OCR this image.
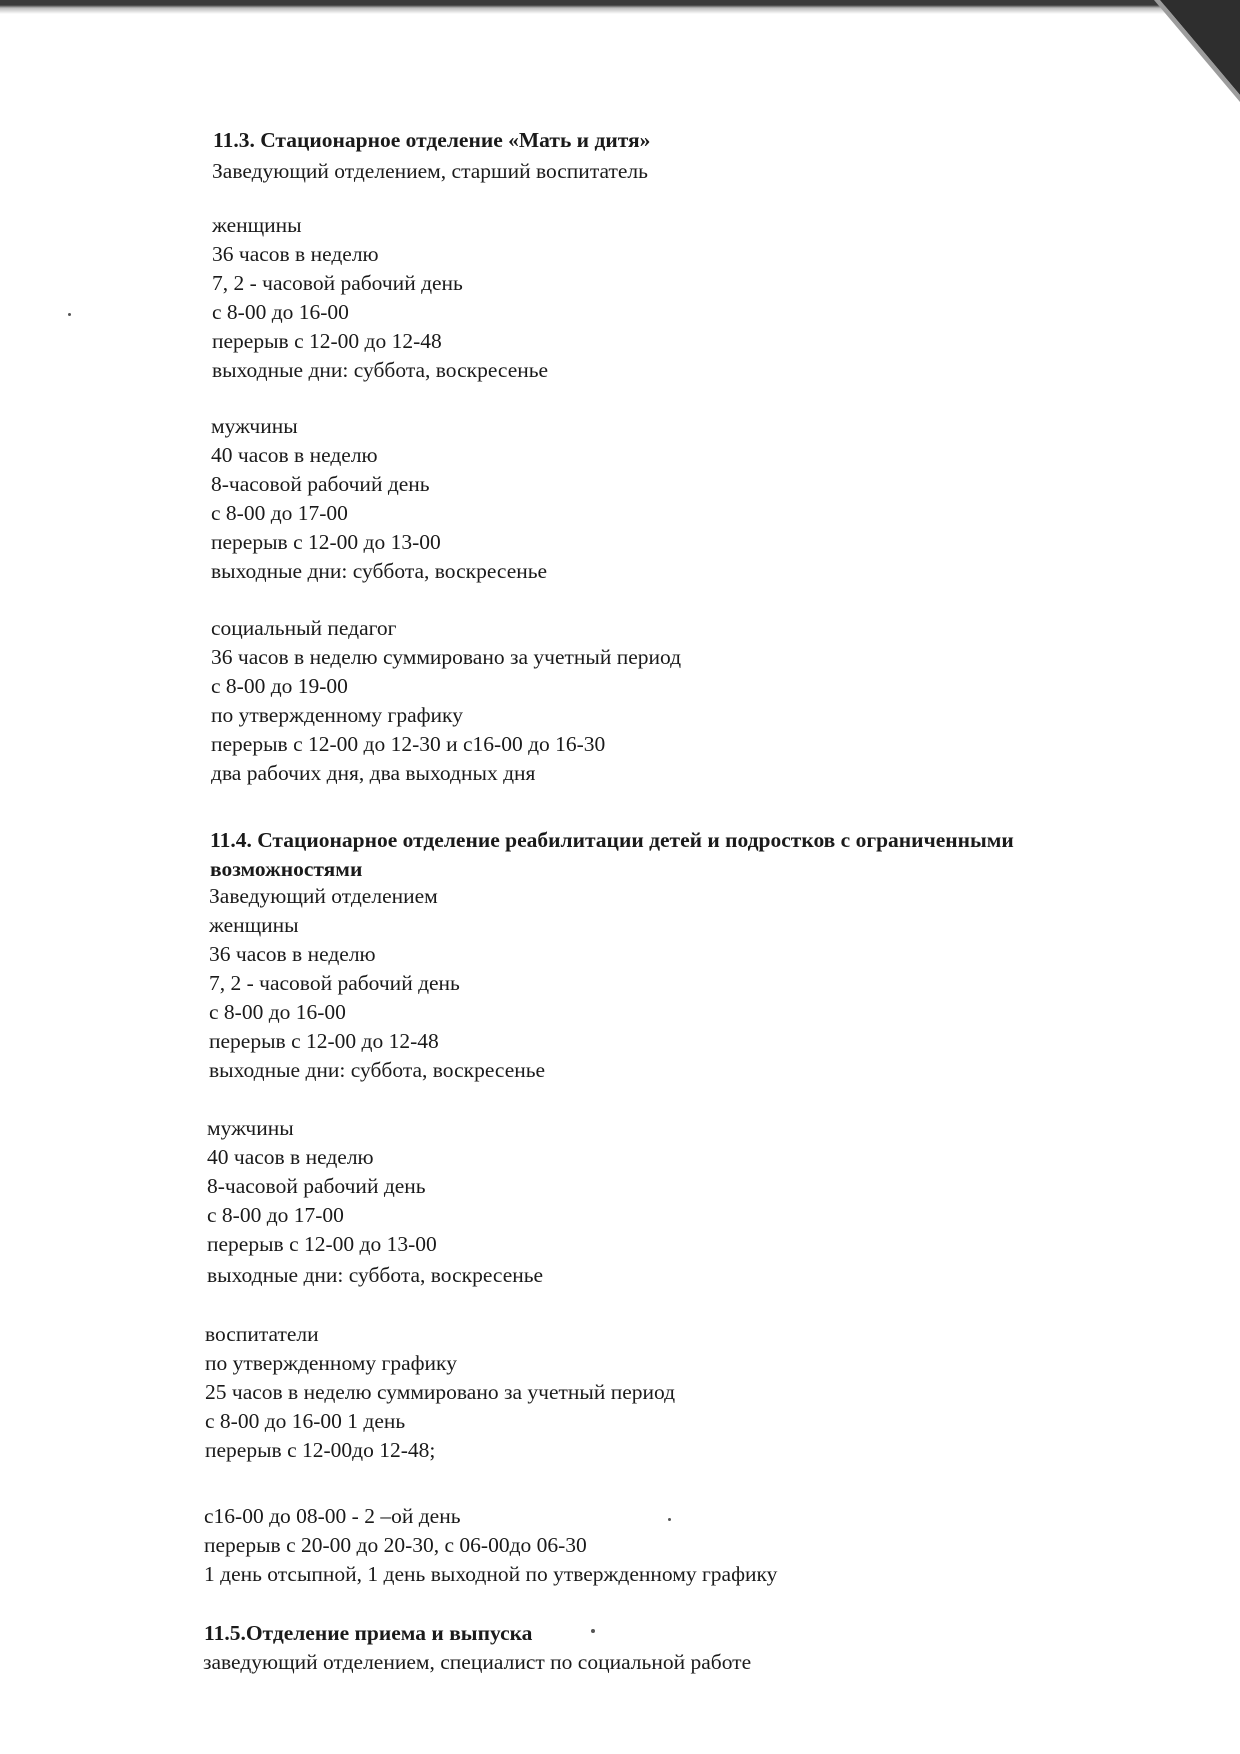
11.3. Стационарное отделение «Мать и дитя»

Заведующий отделением, старший воспитатель

женщины

36 часов в неделю

7, 2 - часовой рабочий день

с 8-00 до 16-00

перерыв с 12-00 до 12-48

выходные дни: суббота, воскресенье

мужчины

40 часов в неделю

8-часовой рабочий день

с 8-00 до 17-00

перерыв с 12-00 до 13-00

выходные дни: суббота, воскресенье

социальный педагог

36 часов в неделю суммировано за учетный период

с 8-00 до 19-00

по утвержденному графику

перерыв с 12-00 до 12-30 и с16-00 до 16-30

два рабочих дня, два выходных дня

11.4. Стационарное отделение реабилитации детей и подростков с ограниченными

возможностями

Заведующий отделением

женщины

36 часов в неделю

7, 2 - часовой рабочий день

с 8-00 до 16-00

перерыв с 12-00 до 12-48

выходные дни: суббота, воскресенье

мужчины

40 часов в неделю

8-часовой рабочий день

с 8-00 до 17-00

перерыв с 12-00 до 13-00

выходные дни: суббота, воскресенье

воспитатели

по утвержденному графику

25 часов в неделю суммировано за учетный период

с 8-00 до 16-00 1 день

перерыв с 12-00до 12-48;

с16-00 до 08-00 - 2 –ой день

перерыв с 20-00 до 20-30, с 06-00до 06-30

1 день отсыпной, 1 день выходной по утвержденному графику

11.5.Отделение приема и выпуска

заведующий отделением, специалист по социальной работе
